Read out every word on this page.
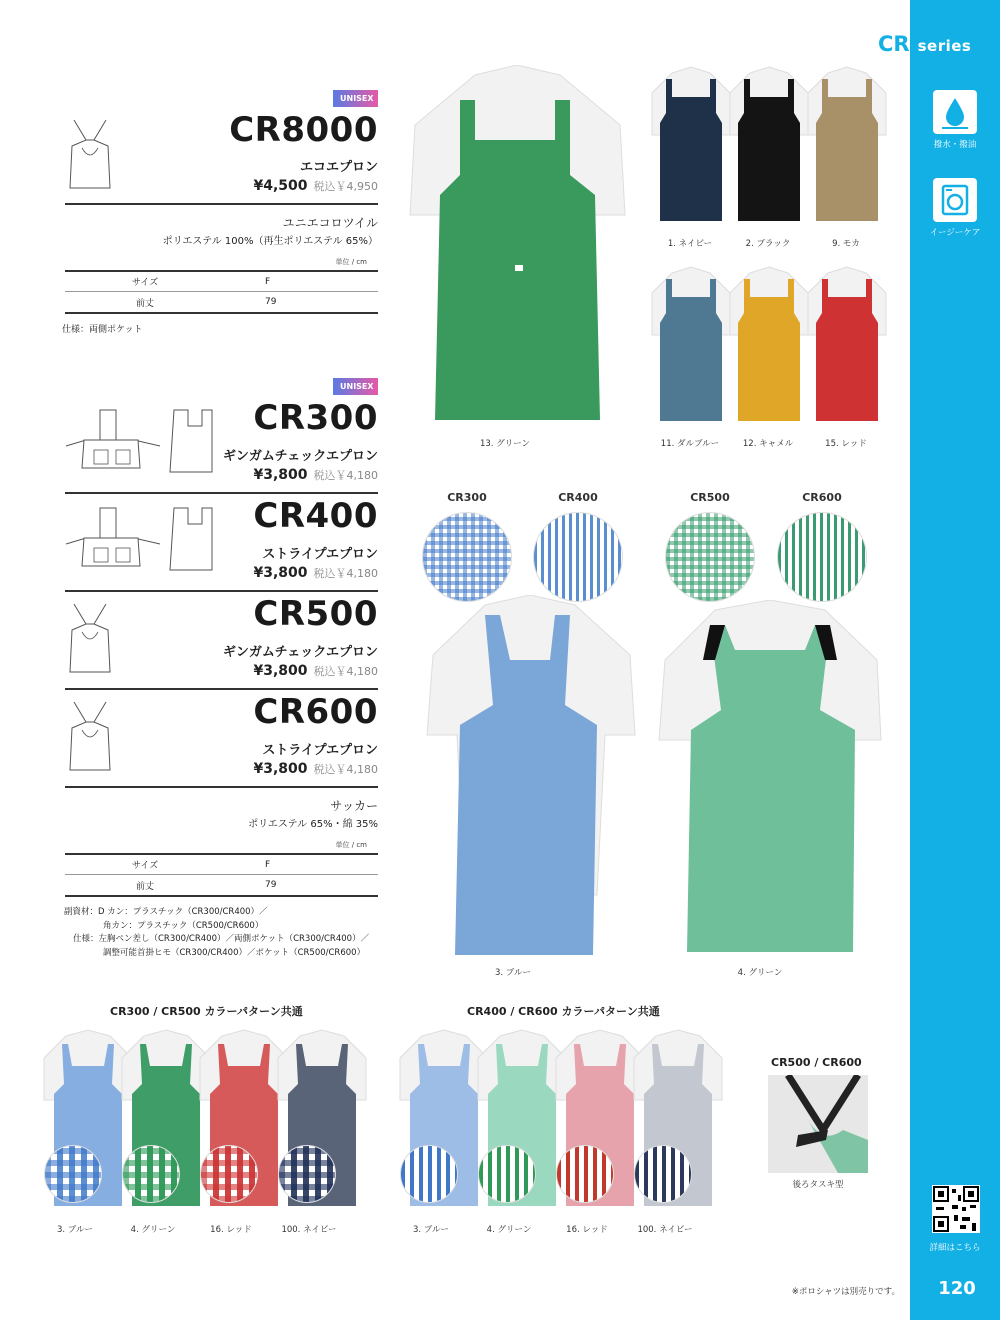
CR series
撥水・撥油
イージーケア
詳細はこちら
120
※ポロシャツは別売りです。
UNISEX
CR8000
エコエプロン
¥4,500 税込￥4,950
ユニエコロツイル
ポリエステル 100%（再生ポリエステル 65%）
単位 / cm
サイズ	F
前丈	79
仕様：両側ポケット
UNISEX
CR300
ギンガムチェックエプロン
¥3,800 税込￥4,180
CR400
ストライプエプロン
¥3,800 税込￥4,180
CR500
ギンガムチェックエプロン
¥3,800 税込￥4,180
CR600
ストライプエプロン
¥3,800 税込￥4,180
サッカー
ポリエステル 65%・綿 35%
単位 / cm
サイズ	F
前丈	79
副資材：D カン：プラスチック（CR300/CR400）／
角カン：プラスチック（CR500/CR600）
仕様：左胸ペン差し（CR300/CR400）／両側ポケット（CR300/CR400）／
調整可能首掛ヒモ（CR300/CR400）／ポケット（CR500/CR600）
13. グリーン
1. ネイビー	2. ブラック	9. モカ
11. ダルブルー	12. キャメル	15. レッド
CR300	CR400	CR500	CR600
3. ブルー	4. グリーン
CR300 / CR500 カラーパターン共通	CR400 / CR600 カラーパターン共通
3. ブルー	4. グリーン	16. レッド	100. ネイビー	3. ブルー	4. グリーン	16. レッド	100. ネイビー
CR500 / CR600
後ろタスキ型
